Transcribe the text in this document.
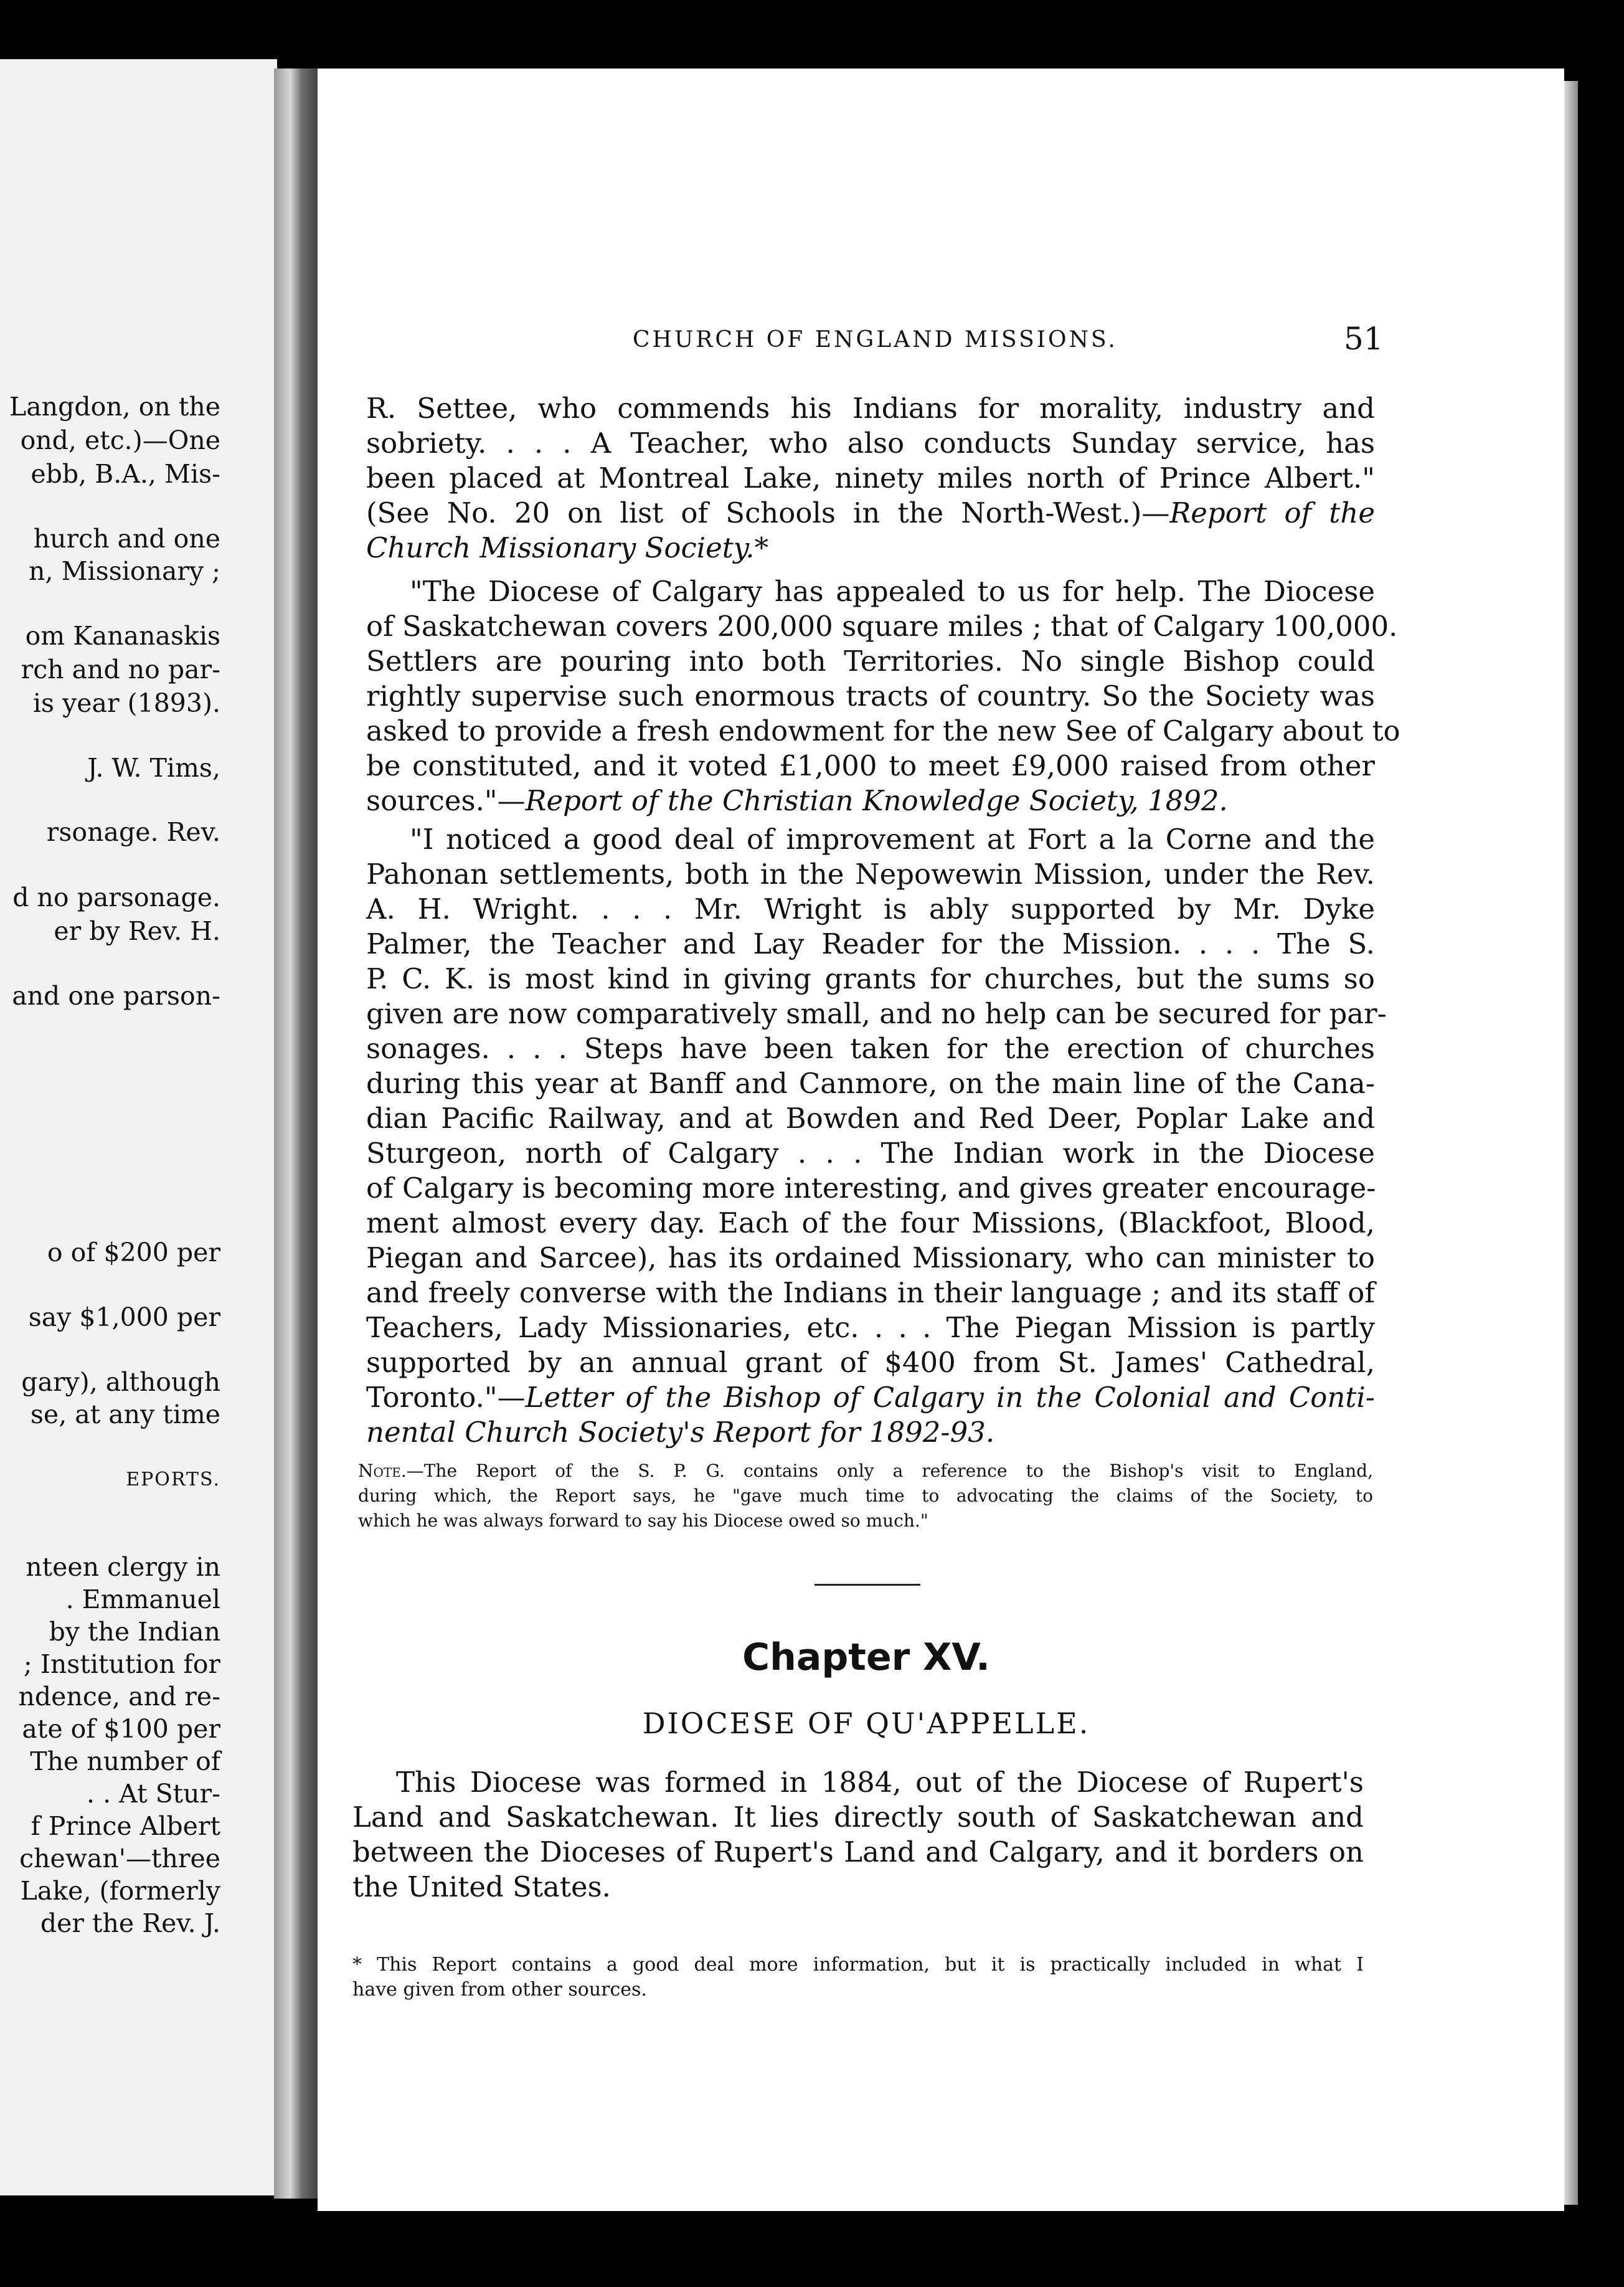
Langdon, on the
ond, etc.)—One
ebb, B.A., Mis-
hurch and one
n, Missionary ;
om Kananaskis
rch and no par-
is year (1893).
J. W. Tims,
rsonage. Rev.
d no parsonage.
er by Rev. H.
and one parson-
o of $200 per
say $1,000 per
gary), although
se, at any time
EPORTS.
nteen clergy in
. Emmanuel
by the Indian
; Institution for
ndence, and re-
ate of $100 per
The number of
. . At Stur-
f Prince Albert
chewan'—three
Lake, (formerly
der the Rev. J.
CHURCH OF ENGLAND MISSIONS.	51
R. Settee, who commends his Indians for morality, industry and
sobriety. . . . A Teacher, who also conducts Sunday service, has
been placed at Montreal Lake, ninety miles north of Prince Albert."
(See No. 20 on list of Schools in the North-West.)—Report of the
Church Missionary Society.*
"The Diocese of Calgary has appealed to us for help. The Diocese
of Saskatchewan covers 200,000 square miles ; that of Calgary 100,000.
Settlers are pouring into both Territories. No single Bishop could
rightly supervise such enormous tracts of country. So the Society was
asked to provide a fresh endowment for the new See of Calgary about to
be constituted, and it voted £1,000 to meet £9,000 raised from other
sources."—Report of the Christian Knowledge Society, 1892.
"I noticed a good deal of improvement at Fort a la Corne and the
Pahonan settlements, both in the Nepowewin Mission, under the Rev.
A. H. Wright. . . . Mr. Wright is ably supported by Mr. Dyke
Palmer, the Teacher and Lay Reader for the Mission. . . . The S.
P. C. K. is most kind in giving grants for churches, but the sums so
given are now comparatively small, and no help can be secured for par-
sonages. . . . Steps have been taken for the erection of churches
during this year at Banff and Canmore, on the main line of the Cana-
dian Pacific Railway, and at Bowden and Red Deer, Poplar Lake and
Sturgeon, north of Calgary . . . The Indian work in the Diocese
of Calgary is becoming more interesting, and gives greater encourage-
ment almost every day. Each of the four Missions, (Blackfoot, Blood,
Piegan and Sarcee), has its ordained Missionary, who can minister to
and freely converse with the Indians in their language ; and its staff of
Teachers, Lady Missionaries, etc. . . . The Piegan Mission is partly
supported by an annual grant of $400 from St. James' Cathedral,
Toronto."—Letter of the Bishop of Calgary in the Colonial and Conti-
nental Church Society's Report for 1892-93.
Note.—The Report of the S. P. G. contains only a reference to the Bishop's visit to England,
during which, the Report says, he "gave much time to advocating the claims of the Society, to
which he was always forward to say his Diocese owed so much."
Chapter XV.
DIOCESE OF QU'APPELLE.
This Diocese was formed in 1884, out of the Diocese of Rupert's
Land and Saskatchewan. It lies directly south of Saskatchewan and
between the Dioceses of Rupert's Land and Calgary, and it borders on
the United States.
* This Report contains a good deal more information, but it is practically included in what I
have given from other sources.
